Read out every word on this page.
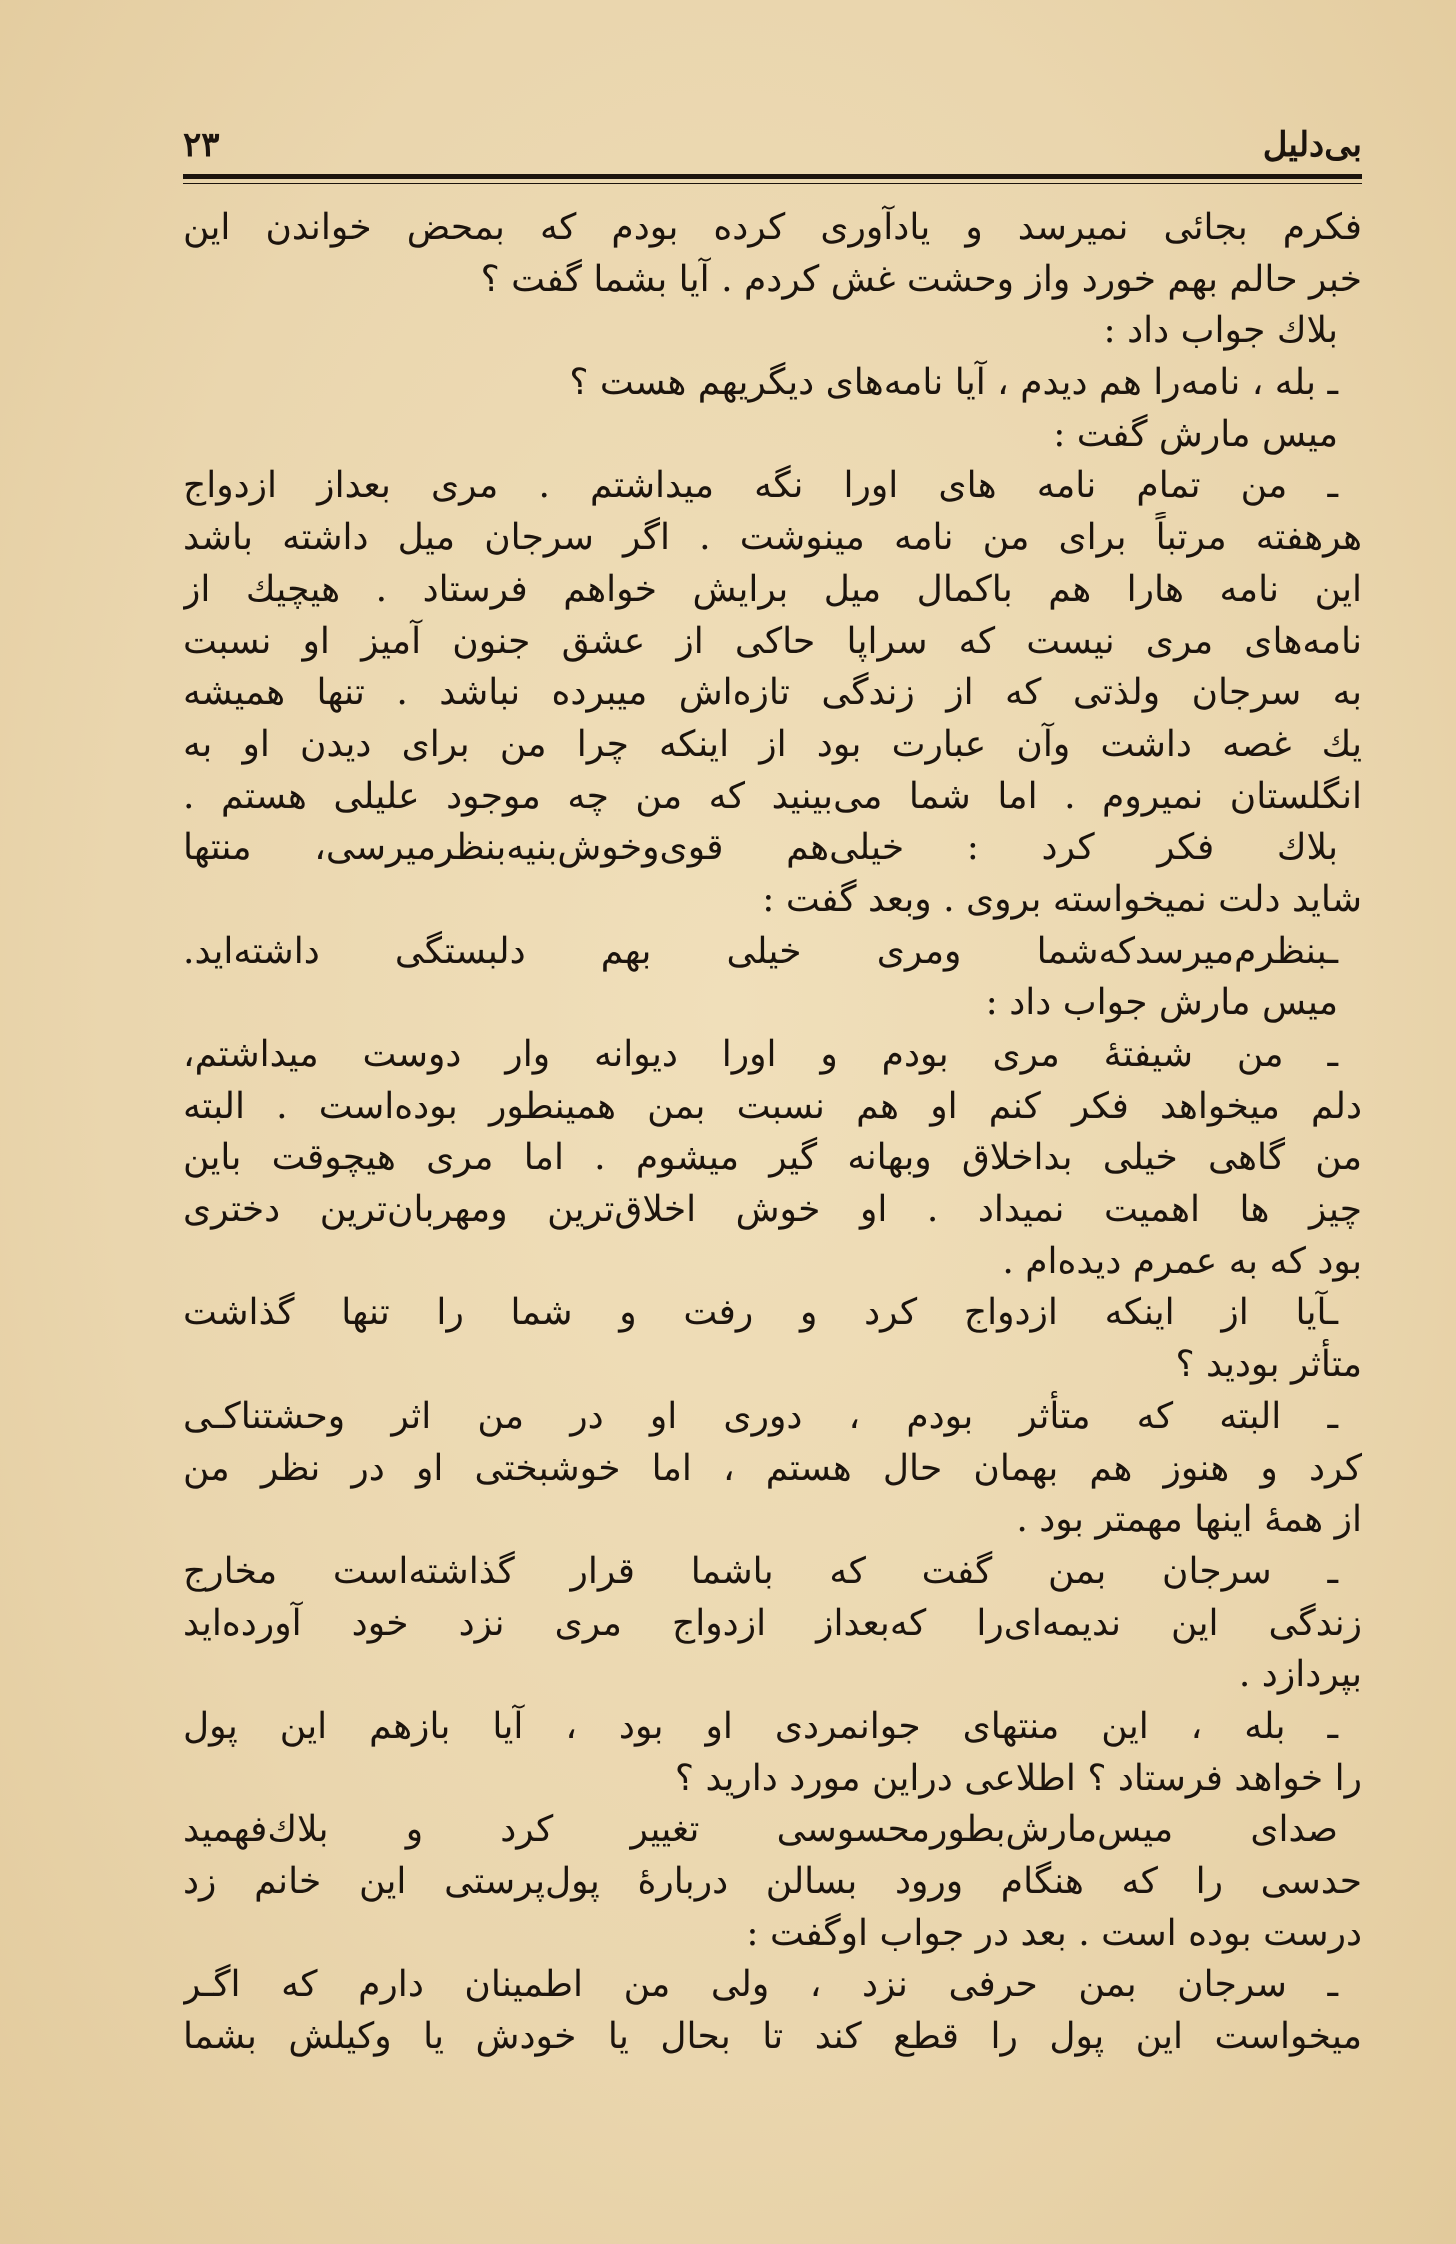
۲۳	بی‌دلیل
فکرم بجائی نمیرسد و یادآوری کرده بودم که بمحض خواندن این
خبر حالم بهم خورد واز وحشت غش کردم . آیا بشما گفت ؟
بلاك جواب داد :
ـ بله ، نامه‌را هم دیدم ، آیا نامه‌های دیگریهم هست ؟
میس مارش گفت :
ـ من تمام نامه های اورا نگه میداشتم . مری بعداز ازدواج
هرهفته مرتباً برای من نامه مینوشت . اگر سرجان میل داشته باشد
این نامه هارا هم باکمال میل برایش خواهم فرستاد . هیچیك از
نامه‌های مری نیست که سراپا حاکی از عشق جنون آمیز او نسبت
به سرجان ولذتی که از زندگی تازه‌اش میبرده نباشد . تنها همیشه
یك غصه داشت وآن عبارت بود از اینکه چرا من برای دیدن او به
انگلستان نمیروم . اما شما می‌بینید که من چه موجود علیلی هستم .
بلاك فکر کرد : خیلی‌هم قوی‌وخوش‌بنیه‌بنظرمیرسی، منتها
شاید دلت نمیخواسته بروی . وبعد گفت :
ـبنظرم‌میرسدکه‌شما ومری خیلی بهم دلبستگی داشته‌اید.
میس مارش جواب داد :
ـ من شیفتهٔ مری بودم و اورا دیوانه وار دوست میداشتم،
دلم میخواهد فکر کنم او هم نسبت بمن همینطور بوده‌است . البته
من گاهی خیلی بداخلاق وبهانه گیر میشوم . اما مری هیچوقت باین
چیز ها اهمیت نمیداد . او خوش اخلاق‌ترین ومهربان‌ترین دختری
بود که به عمرم دیده‌ام .
ـآیا از اینکه ازدواج کرد و رفت و شما را تنها گذاشت
متأثر بودید ؟
ـ البته که متأثر بودم ، دوری او در من اثر وحشتناکـی
کرد و هنوز هم بهمان حال هستم ، اما خوشبختی او در نظر من
از همهٔ اینها مهمتر بود .
ـ سرجان بمن گفت که باشما قرار گذاشته‌است مخارج
زندگی این ندیمه‌ای‌را که‌بعداز ازدواج مری نزد خود آورده‌اید
بپردازد .
ـ بله ، این منتهای جوانمردی او بود ، آیا بازهم این پول
را خواهد فرستاد ؟ اطلاعی دراین مورد دارید ؟
صدای میس‌مارش‌بطورمحسوسی تغییر کرد و بلاك‌فهمید
حدسی را که هنگام ورود بسالن دربارهٔ پول‌پرستی این خانم زد
درست بوده است . بعد در جواب اوگفت :
ـ سرجان بمن حرفی نزد ، ولی من اطمینان دارم که اگـر
میخواست این پول را قطع کند تا بحال یا خودش یا وکیلش بشما
